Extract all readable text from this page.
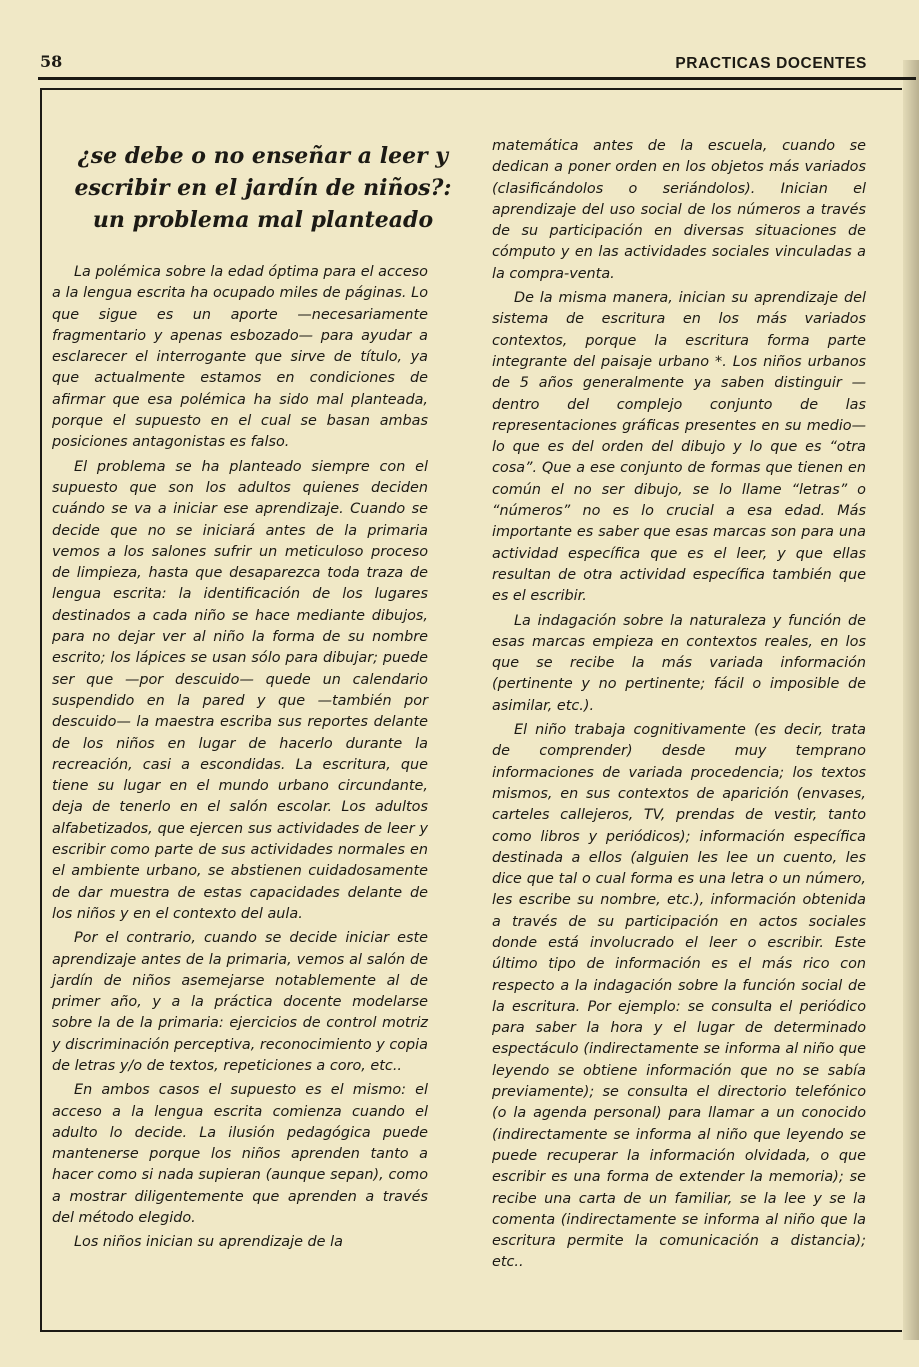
58	PRACTICAS DOCENTES
¿se debe o no enseñar a leer y escribir en el jardín de niños?: un problema mal planteado

La polémica sobre la edad óptima para el acceso a la lengua escrita ha ocupado miles de páginas. Lo que sigue es un aporte —necesariamente fragmentario y apenas esbozado— para ayudar a esclarecer el interrogante que sirve de título, ya que actualmente estamos en condiciones de afirmar que esa polémica ha sido mal planteada, porque el supuesto en el cual se basan ambas posiciones antagonistas es falso.

El problema se ha planteado siempre con el supuesto que son los adultos quienes deciden cuándo se va a iniciar ese aprendizaje. Cuando se decide que no se iniciará antes de la primaria vemos a los salones sufrir un meticuloso proceso de limpieza, hasta que desaparezca toda traza de lengua escrita: la identificación de los lugares destinados a cada niño se hace mediante dibujos, para no dejar ver al niño la forma de su nombre escrito; los lápices se usan sólo para dibujar; puede ser que —por descuido— quede un calendario suspendido en la pared y que —también por descuido— la maestra escriba sus reportes delante de los niños en lugar de hacerlo durante la recreación, casi a escondidas. La escritura, que tiene su lugar en el mundo urbano circundante, deja de tenerlo en el salón escolar. Los adultos alfabetizados, que ejercen sus actividades de leer y escribir como parte de sus actividades normales en el ambiente urbano, se abstienen cuidadosamente de dar muestra de estas capacidades delante de los niños y en el contexto del aula.

Por el contrario, cuando se decide iniciar este aprendizaje antes de la primaria, vemos al salón de jardín de niños asemejarse notablemente al de primer año, y a la práctica docente modelarse sobre la de la primaria: ejercicios de control motriz y discriminación perceptiva, reconocimiento y copia de letras y/o de textos, repeticiones a coro, etc..

En ambos casos el supuesto es el mismo: el acceso a la lengua escrita comienza cuando el adulto lo decide. La ilusión pedagógica puede mantenerse porque los niños aprenden tanto a hacer como si nada supieran (aunque sepan), como a mostrar diligentemente que aprenden a través del método elegido.

Los niños inician su aprendizaje de la

matemática antes de la escuela, cuando se dedican a poner orden en los objetos más variados (clasificándolos o seriándolos). Inician el aprendizaje del uso social de los números a través de su participación en diversas situaciones de cómputo y en las actividades sociales vinculadas a la compra-venta.

De la misma manera, inician su aprendizaje del sistema de escritura en los más variados contextos, porque la escritura forma parte integrante del paisaje urbano *. Los niños urbanos de 5 años generalmente ya saben distinguir —dentro del complejo conjunto de las representaciones gráficas presentes en su medio— lo que es del orden del dibujo y lo que es “otra cosa”. Que a ese conjunto de formas que tienen en común el no ser dibujo, se lo llame “letras” o “números” no es lo crucial a esa edad. Más importante es saber que esas marcas son para una actividad específica que es el leer, y que ellas resultan de otra actividad específica también que es el escribir.

La indagación sobre la naturaleza y función de esas marcas empieza en contextos reales, en los que se recibe la más variada información (pertinente y no pertinente; fácil o imposible de asimilar, etc.).

El niño trabaja cognitivamente (es decir, trata de comprender) desde muy temprano informaciones de variada procedencia; los textos mismos, en sus contextos de aparición (envases, carteles callejeros, TV, prendas de vestir, tanto como libros y periódicos); información específica destinada a ellos (alguien les lee un cuento, les dice que tal o cual forma es una letra o un número, les escribe su nombre, etc.), información obtenida a través de su participación en actos sociales donde está involucrado el leer o escribir. Este último tipo de información es el más rico con respecto a la indagación sobre la función social de la escritura. Por ejemplo: se consulta el periódico para saber la hora y el lugar de determinado espectáculo (indirectamente se informa al niño que leyendo se obtiene información que no se sabía previamente); se consulta el directorio telefónico (o la agenda personal) para llamar a un conocido (indirectamente se informa al niño que leyendo se puede recuperar la información olvidada, o que escribir es una forma de extender la memoria); se recibe una carta de un familiar, se la lee y se la comenta (indirectamente se informa al niño que la escritura permite la comunicación a distancia); etc..
